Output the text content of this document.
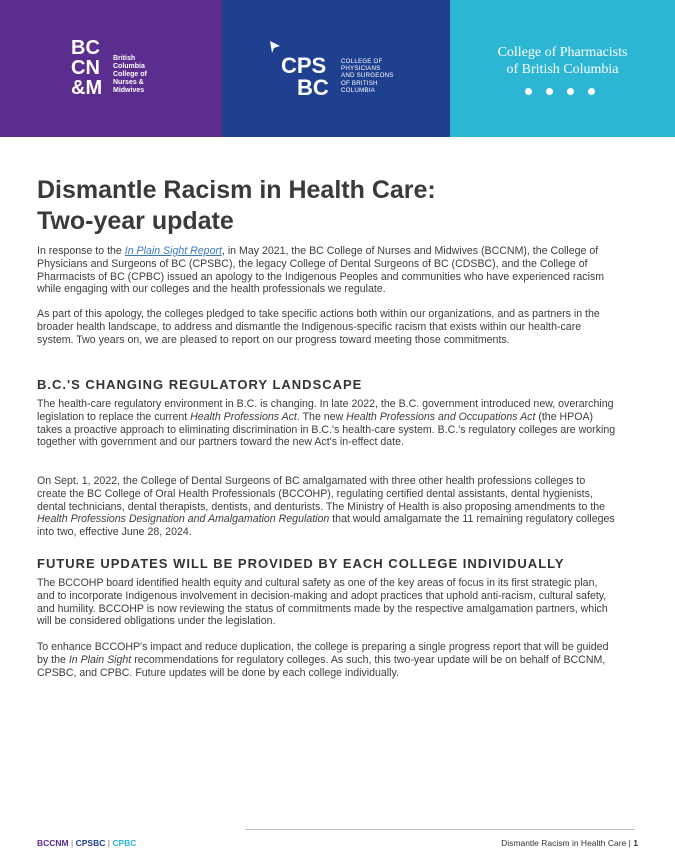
BC
CN
&M
British
Columbia
College of
Nurses &
Midwives
CPS
BC
COLLEGE OF
PHYSICIANS
AND SURGEONS
OF BRITISH
COLUMBIA
College of Pharmacists
of British Columbia
Dismantle Racism in Health Care:
Two-year update

In response to the In Plain Sight Report, in May 2021, the BC College of Nurses and Midwives (BCCNM), the College of Physicians and Surgeons of BC (CPSBC), the legacy College of Dental Surgeons of BC (CDSBC), and the College of Pharmacists of BC (CPBC) issued an apology to the Indigenous Peoples and communities who have experienced racism while engaging with our colleges and the health professionals we regulate.

As part of this apology, the colleges pledged to take specific actions both within our organizations, and as partners in the broader health landscape, to address and dismantle the Indigenous-specific racism that exists within our health-care system. Two years on, we are pleased to report on our progress toward meeting those commitments.

B.C.'S CHANGING REGULATORY LANDSCAPE

The health-care regulatory environment in B.C. is changing. In late 2022, the B.C. government introduced new, overarching legislation to replace the current Health Professions Act. The new Health Professions and Occupations Act (the HPOA) takes a proactive approach to eliminating discrimination in B.C.'s health-care system. B.C.'s regulatory colleges are working together with government and our partners toward the new Act's in-effect date.

On Sept. 1, 2022, the College of Dental Surgeons of BC amalgamated with three other health professions colleges to create the BC College of Oral Health Professionals (BCCOHP), regulating certified dental assistants, dental hygienists, dental technicians, dental therapists, dentists, and denturists. The Ministry of Health is also proposing amendments to the Health Professions Designation and Amalgamation Regulation that would amalgamate the 11 remaining regulatory colleges into two, effective June 28, 2024.

FUTURE UPDATES WILL BE PROVIDED BY EACH COLLEGE INDIVIDUALLY

The BCCOHP board identified health equity and cultural safety as one of the key areas of focus in its first strategic plan, and to incorporate Indigenous involvement in decision-making and adopt practices that uphold anti-racism, cultural safety, and humility. BCCOHP is now reviewing the status of commitments made by the respective amalgamation partners, which will be considered obligations under the legislation.

To enhance BCCOHP's impact and reduce duplication, the college is preparing a single progress report that will be guided by the In Plain Sight recommendations for regulatory colleges. As such, this two-year update will be on behalf of BCCNM, CPSBC, and CPBC. Future updates will be done by each college individually.

BCCNM | CPSBC | CPBC	Dismantle Racism in Health Care | 1
